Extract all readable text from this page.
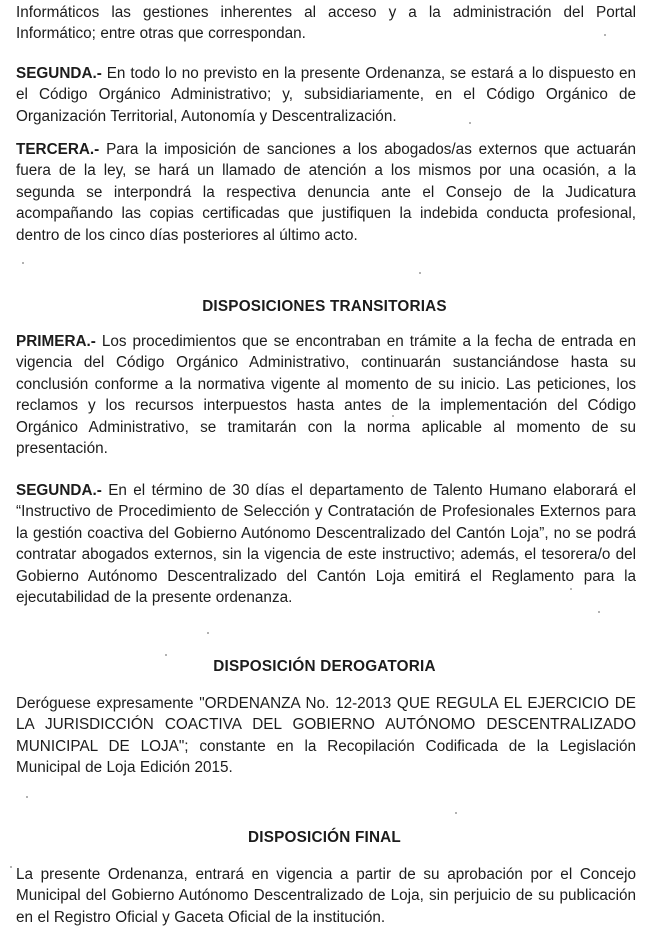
Informáticos las gestiones inherentes al acceso y a la administración del Portal Informático; entre otras que correspondan.

SEGUNDA.- En todo lo no previsto en la presente Ordenanza, se estará a lo dispuesto en el Código Orgánico Administrativo; y, subsidiariamente, en el Código Orgánico de Organización Territorial, Autonomía y Descentralización.

TERCERA.- Para la imposición de sanciones a los abogados/as externos que actuarán fuera de la ley, se hará un llamado de atención a los mismos por una ocasión, a la segunda se interpondrá la respectiva denuncia ante el Consejo de la Judicatura acompañando las copias certificadas que justifiquen la indebida conducta profesional, dentro de los cinco días posteriores al último acto.

DISPOSICIONES TRANSITORIAS

PRIMERA.- Los procedimientos que se encontraban en trámite a la fecha de entrada en vigencia del Código Orgánico Administrativo, continuarán sustanciándose hasta su conclusión conforme a la normativa vigente al momento de su inicio. Las peticiones, los reclamos y los recursos interpuestos hasta antes de la implementación del Código Orgánico Administrativo, se tramitarán con la norma aplicable al momento de su presentación.

SEGUNDA.- En el término de 30 días el departamento de Talento Humano elaborará el “Instructivo de Procedimiento de Selección y Contratación de Profesionales Externos para la gestión coactiva del Gobierno Autónomo Descentralizado del Cantón Loja”, no se podrá contratar abogados externos, sin la vigencia de este instructivo; además, el tesorera/o del Gobierno Autónomo Descentralizado del Cantón Loja emitirá el Reglamento para la ejecutabilidad de la presente ordenanza.

DISPOSICIÓN DEROGATORIA

Deróguese expresamente "ORDENANZA No. 12-2013 QUE REGULA EL EJERCICIO DE LA JURISDICCIÓN COACTIVA DEL GOBIERNO AUTÓNOMO DESCENTRALIZADO MUNICIPAL DE LOJA"; constante en la Recopilación Codificada de la Legislación Municipal de Loja Edición 2015.

DISPOSICIÓN FINAL

La presente Ordenanza, entrará en vigencia a partir de su aprobación por el Concejo Municipal del Gobierno Autónomo Descentralizado de Loja, sin perjuicio de su publicación en el Registro Oficial y Gaceta Oficial de la institución.
